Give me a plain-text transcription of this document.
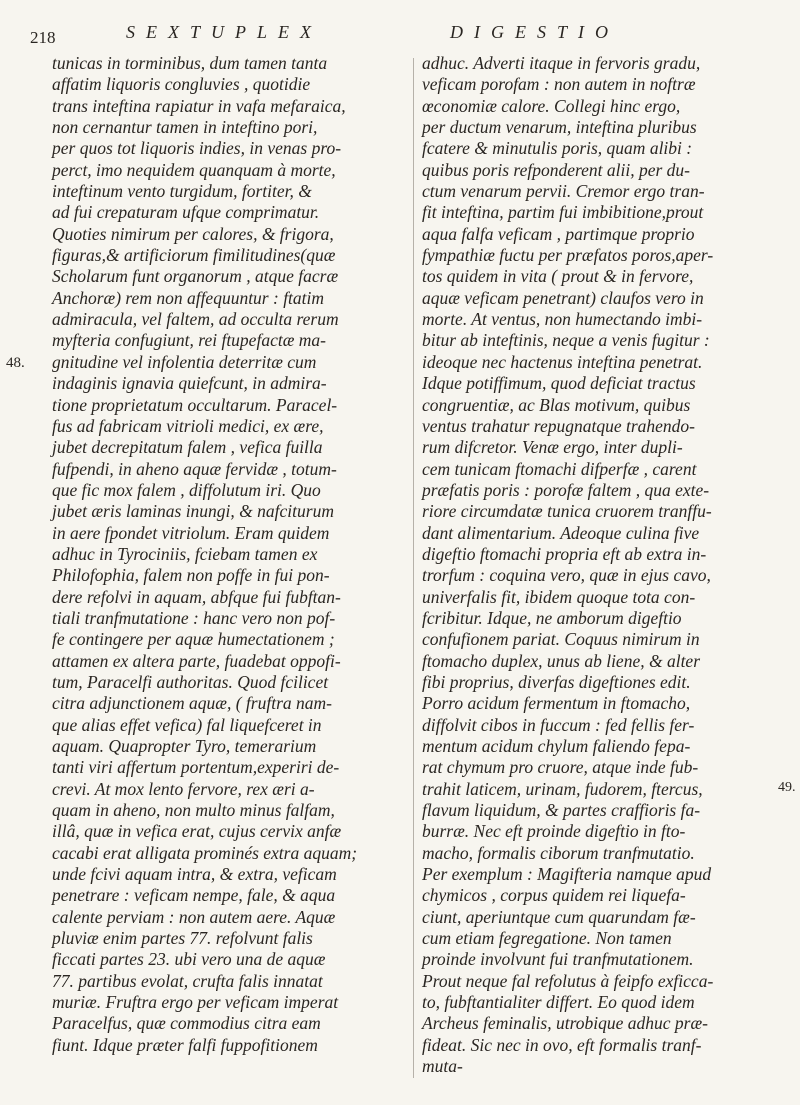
218	SEXTUPLEX	DIGESTIO
48.
49.
tunicas in torminibus, dum tamen tanta
affatim liquoris congluvies , quotidie
trans inteftina rapiatur in vafa mefaraica,
non cernantur tamen in inteftino pori,
per quos tot liquoris indies, in venas pro-
perct, imo nequidem quanquam à morte,
inteftinum vento turgidum, fortiter, &
ad fui crepaturam ufque comprimatur.
Quoties nimirum per calores, & frigora,
figuras,& artificiorum fimilitudines(quæ
Scholarum funt organorum , atque facræ
Anchoræ) rem non affequuntur : ftatim
admiracula, vel faltem, ad occulta rerum
myfteria confugiunt, rei ftupefactæ ma-
gnitudine vel infolentia deterritæ cum
indaginis ignavia quiefcunt, in admira-
tione proprietatum occultarum. Paracel-
fus ad fabricam vitrioli medici, ex ære,
jubet decrepitatum falem , vefica fuilla
fufpendi, in aheno aquæ fervidæ , totum-
que fic mox falem , diffolutum iri. Quo
jubet æris laminas inungi, & nafciturum
in aere fpondet vitriolum. Eram quidem
adhuc in Tyrociniis, fciebam tamen ex
Philofophia, falem non poffe in fui pon-
dere refolvi in aquam, abfque fui fubftan-
tiali tranfmutatione : hanc vero non pof-
fe contingere per aquæ humectationem ;
attamen ex altera parte, fuadebat oppofi-
tum, Paracelfi authoritas. Quod fcilicet
citra adjunctionem aquæ, ( fruftra nam-
que alias effet vefica) fal liquefceret in
aquam. Quapropter Tyro, temerarium
tanti viri affertum portentum,experiri de-
crevi. At mox lento fervore, rex æri a-
quam in aheno, non multo minus falfam,
illâ, quæ in vefica erat, cujus cervix anfæ
cacabi erat alligata prominés extra aquam;
unde fcivi aquam intra, & extra, veficam
penetrare : veficam nempe, fale, & aqua
calente perviam : non autem aere. Aquæ
pluviæ enim partes 77. refolvunt falis
ficcati partes 23. ubi vero una de aquæ
77. partibus evolat, crufta falis innatat
muriæ. Fruftra ergo per veficam imperat
Paracelfus, quæ commodius citra eam
fiunt. Idque præter falfi fuppofitionem
adhuc. Adverti itaque in fervoris gradu,
veficam porofam : non autem in noftræ
œconomiæ calore. Collegi hinc ergo,
per ductum venarum, inteftina pluribus
fcatere & minutulis poris, quam alibi :
quibus poris refponderent alii, per du-
ctum venarum pervii. Cremor ergo tran-
fit inteftina, partim fui imbibitione,prout
aqua falfa veficam , partimque proprio
fympathiæ fuctu per præfatos poros,aper-
tos quidem in vita ( prout & in fervore,
aquæ veficam penetrant) claufos vero in
morte. At ventus, non humectando imbi-
bitur ab inteftinis, neque a venis fugitur :
ideoque nec hactenus inteftina penetrat.
Idque potiffimum, quod deficiat tractus
congruentiæ, ac Blas motivum, quibus
ventus trahatur repugnatque trahendo-
rum difcretor. Venæ ergo, inter dupli-
cem tunicam ftomachi difperfæ , carent
præfatis poris : porofæ faltem , qua exte-
riore circumdatæ tunica cruorem tranffu-
dant alimentarium. Adeoque culina five
digeftio ftomachi propria eft ab extra in-
trorfum : coquina vero, quæ in ejus cavo,
univerfalis fit, ibidem quoque tota con-
fcribitur. Idque, ne amborum digeftio
confufionem pariat. Coquus nimirum in
ftomacho duplex, unus ab liene, & alter
fibi proprius, diverfas digeftiones edit.
Porro acidum fermentum in ftomacho,
diffolvit cibos in fuccum : fed fellis fer-
mentum acidum chylum faliendo fepa-
rat chymum pro cruore, atque inde fub-
trahit laticem, urinam, fudorem, ftercus,
flavum liquidum, & partes craffioris fa-
burræ. Nec eft proinde digeftio in fto-
macho, formalis ciborum tranfmutatio.
Per exemplum : Magifteria namque apud
chymicos , corpus quidem rei liquefa-
ciunt, aperiuntque cum quarundam fæ-
cum etiam fegregatione. Non tamen
proinde involvunt fui tranfmutationem.
Prout neque fal refolutus à feipfo exficca-
to, fubftantialiter differt. Eo quod idem
Archeus feminalis, utrobique adhuc præ-
fideat. Sic nec in ovo, eft formalis tranf-
muta-
